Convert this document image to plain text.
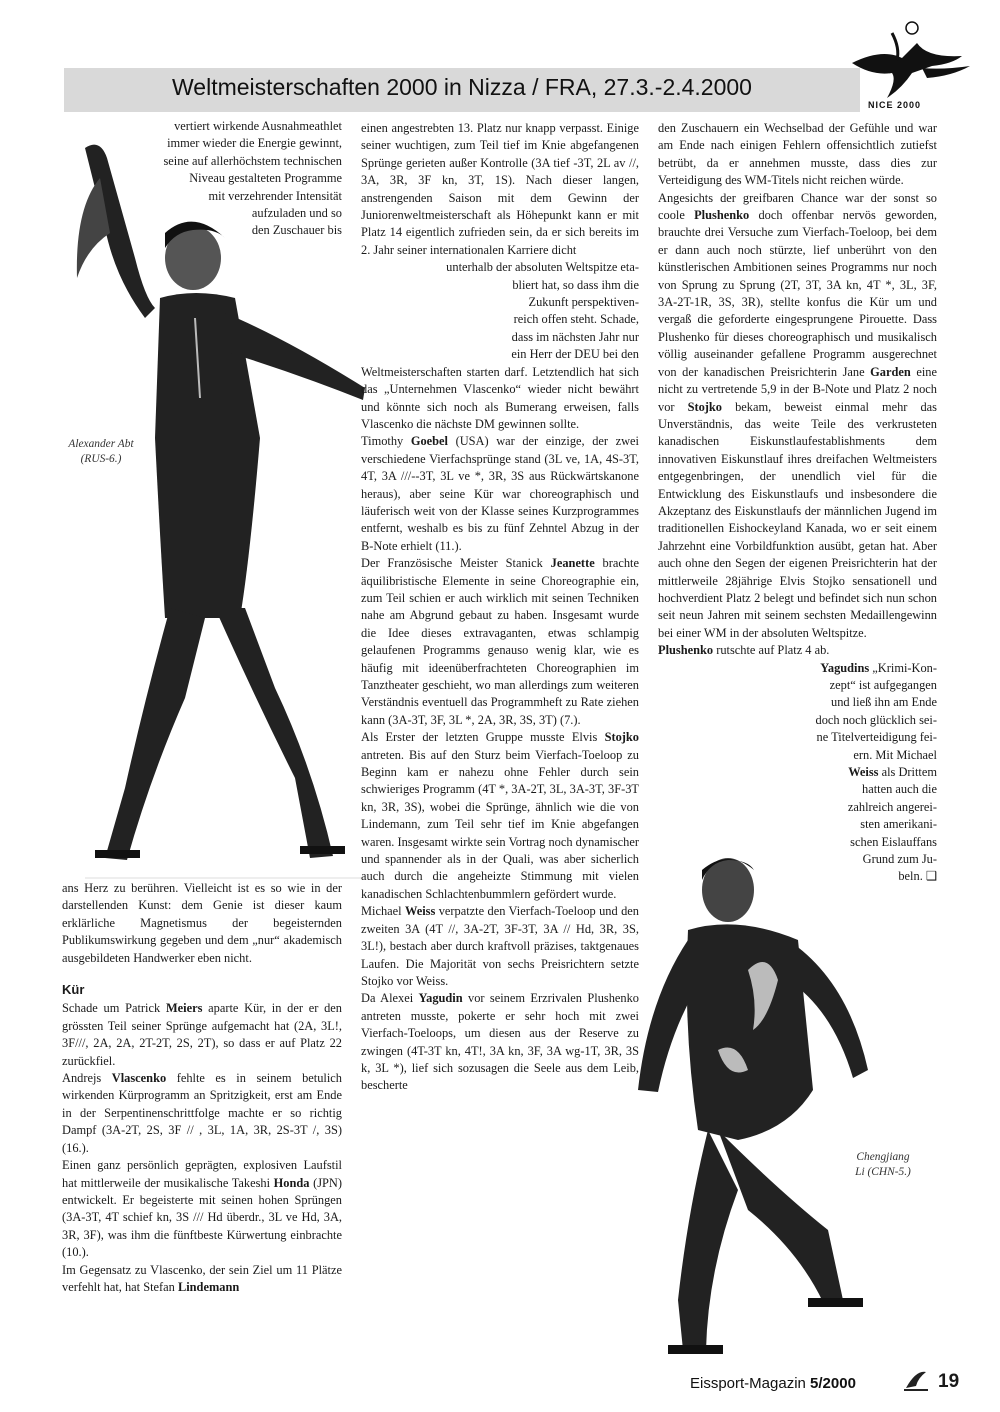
Weltmeisterschaften 2000 in Nizza / FRA, 27.3.-2.4.2000
NICE 2000
Alexander Abt
(RUS-6.)
Chengjiang
Li (CHN-5.)
vertiert wirkende Ausnahmeathlet
immer wieder die Energie gewinnt,
seine auf allerhöchstem technischen
Niveau gestalteten Programme
mit verzehrender Intensität
aufzuladen und so
den Zuschauer bis

ans Herz zu berühren. Vielleicht ist es so wie in der darstellenden Kunst: dem Genie ist dieser kaum erklärliche Magnetismus der begeisternden Publikumswirkung gegeben und dem „nur“ akademisch ausgebildeten Handwerker eben nicht.

Kür

Schade um Patrick Meiers aparte Kür, in der er den grössten Teil seiner Sprünge aufgemacht hat (2A, 3L!, 3F///, 2A, 2A, 2T-2T, 2S, 2T), so dass er auf Platz 22 zurückfiel.

Andrejs Vlascenko fehlte es in seinem betulich wirkenden Kürprogramm an Spritzigkeit, erst am Ende in der Serpentinenschrittfolge machte er so richtig Dampf (3A-2T, 2S, 3F // , 3L, 1A, 3R, 2S-3T /, 3S) (16.).

Einen ganz persönlich geprägten, explosiven Laufstil hat mittlerweile der musikalische Takeshi Honda (JPN) entwickelt. Er begeisterte mit seinen hohen Sprüngen (3A-3T, 4T schief kn, 3S /// Hd überdr., 3L ve Hd, 3A, 3R, 3F), was ihm die fünftbeste Kürwertung einbrachte (10.).

Im Gegensatz zu Vlascenko, der sein Ziel um 11 Plätze verfehlt hat, hat Stefan Lindemann

einen angestrebten 13. Platz nur knapp verpasst. Einige seiner wuchtigen, zum Teil tief im Knie abgefangenen Sprünge gerieten außer Kontrolle (3A tief -3T, 2L av //, 3A, 3R, 3F kn, 3T, 1S). Nach dieser langen, anstrengenden Saison mit dem Gewinn der Juniorenweltmeisterschaft als Höhepunkt kann er mit Platz 14 eigentlich zufrieden sein, da er sich bereits im 2. Jahr seiner internationalen Karriere dicht

unterhalb der absoluten Weltspitze eta-
bliert hat, so dass ihm die
Zukunft perspektiven-
reich offen steht. Schade,
dass im nächsten Jahr nur
ein Herr der DEU bei den

Weltmeisterschaften starten darf. Letztendlich hat sich das „Unternehmen Vlascenko“ wieder nicht bewährt und könnte sich noch als Bumerang erweisen, falls Vlascenko die nächste DM gewinnen sollte.

Timothy Goebel (USA) war der einzige, der zwei verschiedene Vierfachsprünge stand (3L ve, 1A, 4S-3T, 4T, 3A ///--3T, 3L ve *, 3R, 3S aus Rückwärtskanone heraus), aber seine Kür war choreographisch und läuferisch weit von der Klasse seines Kurzprogrammes entfernt, weshalb es bis zu fünf Zehntel Abzug in der B-Note erhielt (11.).

Der Französische Meister Stanick Jeanette brachte äquilibristische Elemente in seine Choreographie ein, zum Teil schien er auch wirklich mit seinen Techniken nahe am Abgrund gebaut zu haben. Insgesamt wurde die Idee dieses extravaganten, etwas schlampig gelaufenen Programms genauso wenig klar, wie es häufig mit ideenüberfrachteten Choreographien im Tanztheater geschieht, wo man allerdings zum weiteren Verständnis eventuell das Programmheft zu Rate ziehen kann (3A-3T, 3F, 3L *, 2A, 3R, 3S, 3T) (7.).

Als Erster der letzten Gruppe musste Elvis Stojko antreten. Bis auf den Sturz beim Vierfach-Toeloop zu Beginn kam er nahezu ohne Fehler durch sein schwieriges Programm (4T *, 3A-2T, 3L, 3A-3T, 3F-3T kn, 3R, 3S), wobei die Sprünge, ähnlich wie die von Lindemann, zum Teil sehr tief im Knie abgefangen waren. Insgesamt wirkte sein Vortrag noch dynamischer und spannender als in der Quali, was aber sicherlich auch durch die angeheizte Stimmung mit vielen kanadischen Schlachtenbummlern gefördert wurde.

Michael Weiss verpatzte den Vierfach-Toeloop und den zweiten 3A (4T //, 3A-2T, 3F-3T, 3A // Hd, 3R, 3S, 3L!), bestach aber durch kraftvoll präzises, taktgenaues Laufen. Die Majorität von sechs Preisrichtern setzte Stojko vor Weiss.

Da Alexei Yagudin vor seinem Erzrivalen Plushenko antreten musste, pokerte er sehr hoch mit zwei Vierfach-Toeloops, um diesen aus der Reserve zu zwingen (4T-3T kn, 4T!, 3A kn, 3F, 3A wg-1T, 3R, 3S k, 3L *), lief sich sozusagen die Seele aus dem Leib, bescherte

den Zuschauern ein Wechselbad der Gefühle und war am Ende nach einigen Fehlern offensichtlich zutiefst betrübt, da er annehmen musste, dass dies zur Verteidigung des WM-Titels nicht reichen würde.

Angesichts der greifbaren Chance war der sonst so coole Plushenko doch offenbar nervös geworden, brauchte drei Versuche zum Vierfach-Toeloop, bei dem er dann auch noch stürzte, lief unberührt von den künstlerischen Ambitionen seines Programms nur noch von Sprung zu Sprung (2T, 3T, 3A kn, 4T *, 3L, 3F, 3A-2T-1R, 3S, 3R), stellte konfus die Kür um und vergaß die geforderte eingesprungene Pirouette. Dass Plushenko für dieses choreographisch und musikalisch völlig auseinander gefallene Programm ausgerechnet von der kanadischen Preisrichterin Jane Garden eine nicht zu vertretende 5,9 in der B-Note und Platz 2 noch vor Stojko bekam, beweist einmal mehr das Unverständnis, das weite Teile des verkrusteten kanadischen Eiskunstlaufestablishments dem innovativen Eiskunstlauf ihres dreifachen Weltmeisters entgegenbringen, der unendlich viel für die Entwicklung des Eiskunstlaufs und insbesondere die Akzeptanz des Eiskunstlaufs der männlichen Jugend im traditionellen Eishockeyland Kanada, wo er seit einem Jahrzehnt eine Vorbildfunktion ausübt, getan hat. Aber auch ohne den Segen der eigenen Preisrichterin hat der mittlerweile 28jährige Elvis Stojko sensationell und hochverdient Platz 2 belegt und befindet sich nun schon seit neun Jahren mit seinem sechsten Medaillengewinn bei einer WM in der absoluten Weltspitze.

Plushenko rutschte auf Platz 4 ab.

Yagudins „Krimi-Kon-
zept“ ist aufgegangen
und ließ ihn am Ende
doch noch glücklich sei-
ne Titelverteidigung fei-
ern. Mit Michael
Weiss als Drittem
hatten auch die
zahlreich angerei-
sten amerikani-
schen Eislauffans
Grund zum Ju-
beln. ❑
Eissport-Magazin 5/2000	19
